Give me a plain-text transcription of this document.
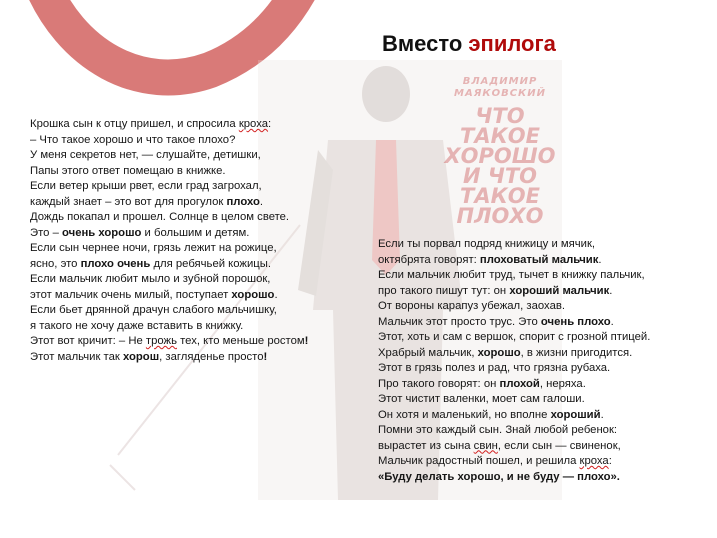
ВЛАДИМИР МАЯКОВСКИЙ
ЧТО
ТАКОЕ
ХОРОШО
И ЧТО
ТАКОЕ
ПЛОХО
Вместо эпилога
Крошка сын к отцу пришел, и спросила кроха:
– Что такое хорошо и что такое плохо?
У меня секретов нет, — слушайте, детишки,
Папы этого ответ помещаю в книжке.
Если ветер крыши рвет, если град загрохал,
каждый знает – это вот для прогулок плохо.
Дождь покапал и прошел. Солнце в целом свете.
Это – очень хорошо и большим и детям.
Если сын чернее ночи, грязь лежит на рожице,
ясно, это плохо очень для ребячьей кожицы.
Если мальчик любит мыло и зубной порошок,
этот мальчик очень милый, поступает хорошо.
Если бьет дрянной драчун слабого мальчишку,
я такого не хочу даже вставить в книжку.
Этот вот кричит: – Не трожь тех, кто меньше ростом!
Этот мальчик так хорош, загляденье просто!
Если ты порвал подряд книжицу и мячик,
октябрята говорят: плоховатый мальчик.
Если мальчик любит труд, тычет в книжку пальчик,
про такого пишут тут: он хороший мальчик.
От вороны карапуз убежал, заохав.
Мальчик этот просто трус. Это очень плохо.
Этот, хоть и сам с вершок, спорит с грозной птицей.
Храбрый мальчик, хорошо, в жизни пригодится.
Этот в грязь полез и рад, что грязна рубаха.
Про такого говорят: он плохой, неряха.
Этот чистит валенки, моет сам галоши.
Он хотя и маленький, но вполне хороший.
Помни это каждый сын. Знай любой ребенок:
вырастет из сына свин, если сын — свиненок,
Мальчик радостный пошел, и решила кроха:
«Буду делать хорошо, и не буду — плохо».
